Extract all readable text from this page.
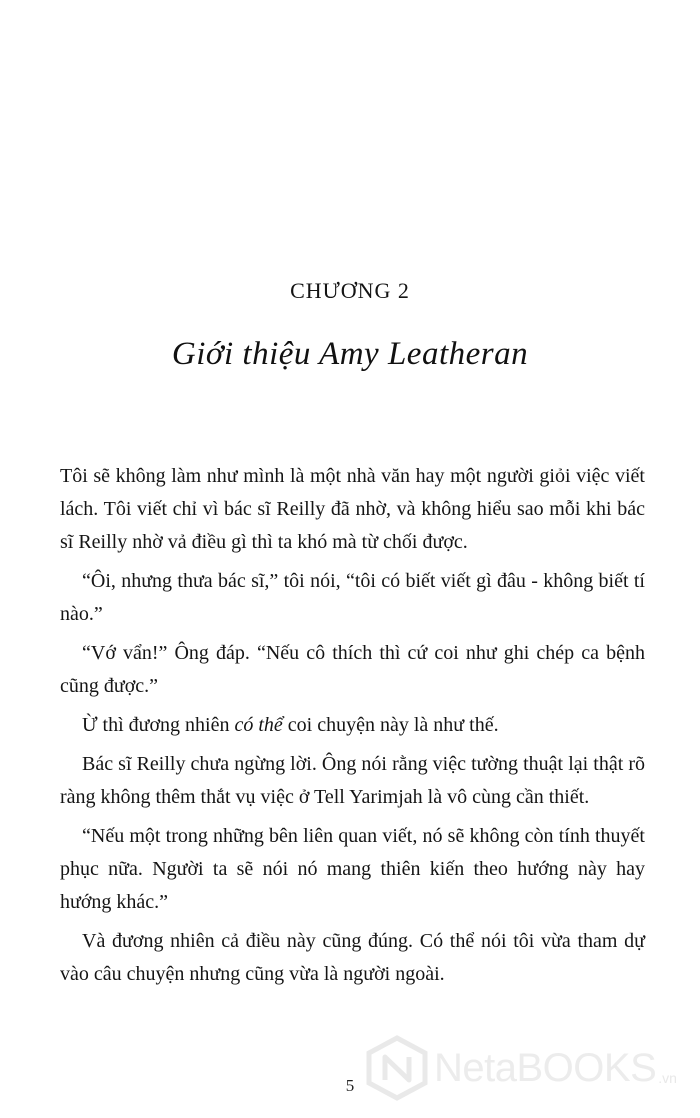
CHƯƠNG 2
Giới thiệu Amy Leatheran

Tôi sẽ không làm như mình là một nhà văn hay một người giỏi việc viết lách. Tôi viết chỉ vì bác sĩ Reilly đã nhờ, và không hiểu sao mỗi khi bác sĩ Reilly nhờ vả điều gì thì ta khó mà từ chối được.

“Ôi, nhưng thưa bác sĩ,” tôi nói, “tôi có biết viết gì đâu - không biết tí nào.”

“Vớ vẩn!” Ông đáp. “Nếu cô thích thì cứ coi như ghi chép ca bệnh cũng được.”

Ừ thì đương nhiên có thể coi chuyện này là như thế.

Bác sĩ Reilly chưa ngừng lời. Ông nói rằng việc tường thuật lại thật rõ ràng không thêm thắt vụ việc ở Tell Yarimjah là vô cùng cần thiết.

“Nếu một trong những bên liên quan viết, nó sẽ không còn tính thuyết phục nữa. Người ta sẽ nói nó mang thiên kiến theo hướng này hay hướng khác.”

Và đương nhiên cả điều này cũng đúng. Có thể nói tôi vừa tham dự vào câu chuyện nhưng cũng vừa là người ngoài.

5	NetaBOOKS .vn
